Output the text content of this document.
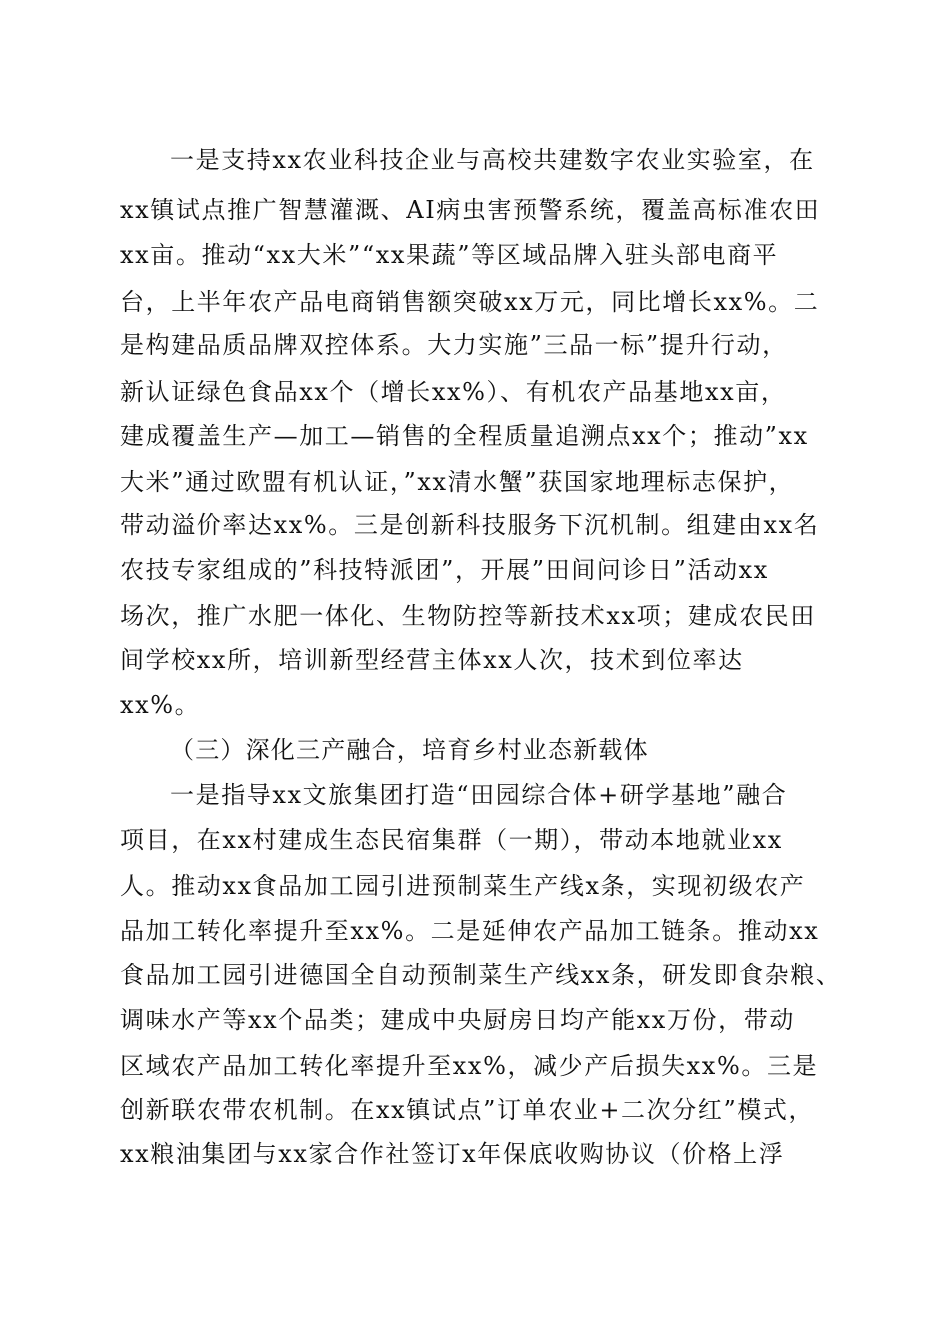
一是支持xx农业科技企业与高校共建数字农业实验室，在
xx镇试点推广智慧灌溉、AI病虫害预警系统，覆盖高标准农田
xx亩。推动“xx大米”“xx果蔬”等区域品牌入驻头部电商平
台，上半年农产品电商销售额突破xx万元，同比增长xx%。二
是构建品质品牌双控体系。大力实施”三品一标”提升行动，
新认证绿色食品xx个（增长xx%）、有机农产品基地xx亩，
建成覆盖生产—加工—销售的全程质量追溯点xx个；推动”xx
大米”通过欧盟有机认证，”xx清水蟹”获国家地理标志保护，
带动溢价率达xx%。三是创新科技服务下沉机制。组建由xx名
农技专家组成的”科技特派团”，开展”田间问诊日”活动xx
场次，推广水肥一体化、生物防控等新技术xx项；建成农民田
间学校xx所，培训新型经营主体xx人次，技术到位率达
xx%。
（三）深化三产融合，培育乡村业态新载体
一是指导xx文旅集团打造“田园综合体+研学基地”融合
项目，在xx村建成生态民宿集群（一期），带动本地就业xx
人。推动xx食品加工园引进预制菜生产线x条，实现初级农产
品加工转化率提升至xx%。二是延伸农产品加工链条。推动xx
食品加工园引进德国全自动预制菜生产线xx条，研发即食杂粮、
调味水产等xx个品类；建成中央厨房日均产能xx万份，带动
区域农产品加工转化率提升至xx%，减少产后损失xx%。三是
创新联农带农机制。在xx镇试点”订单农业+二次分红”模式，
xx粮油集团与xx家合作社签订x年保底收购协议（价格上浮
